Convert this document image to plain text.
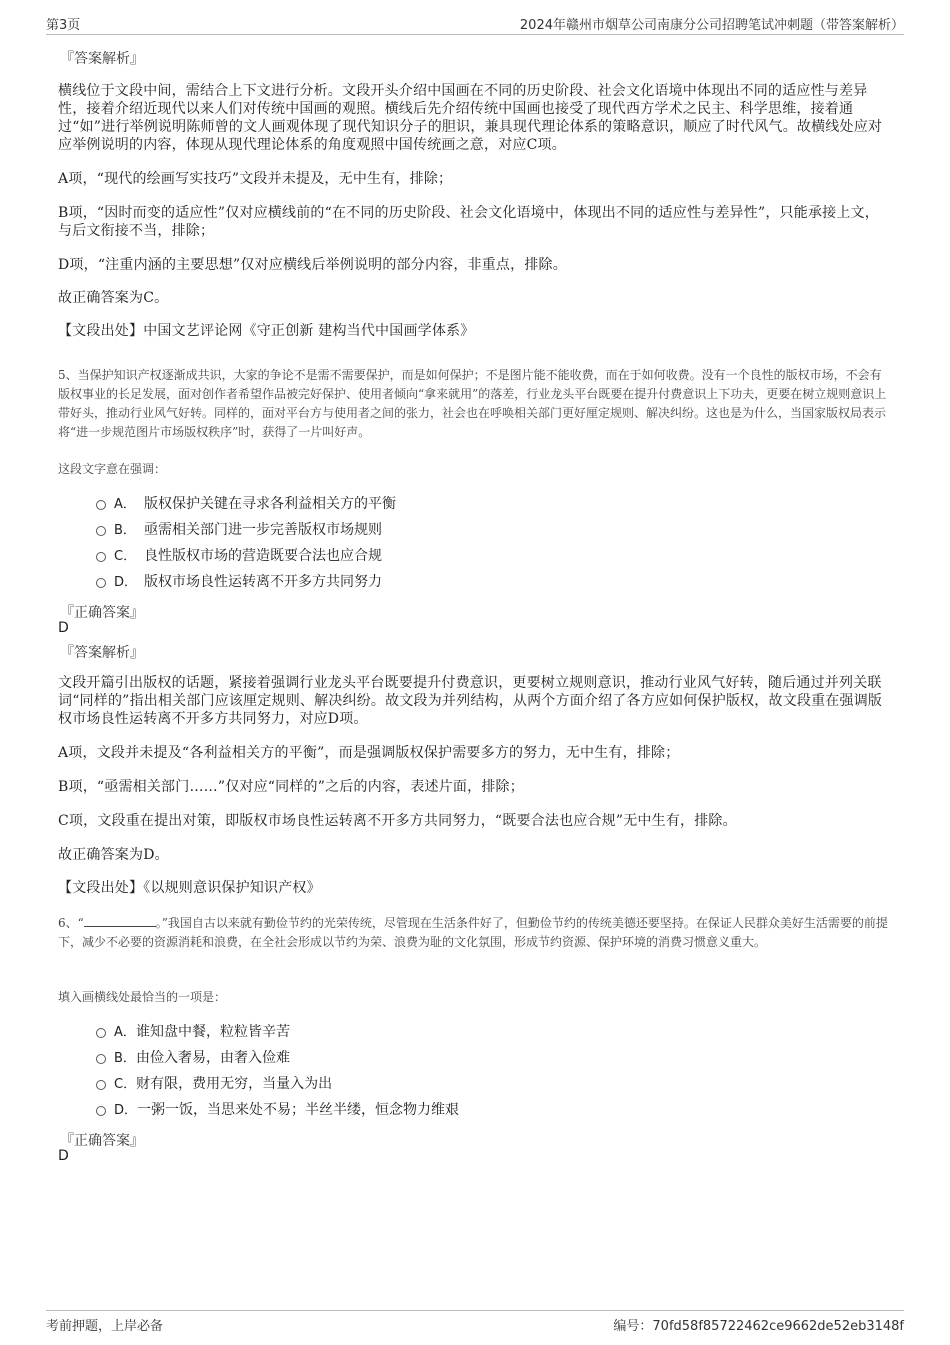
第3页	2024年赣州市烟草公司南康分公司招聘笔试冲刺题（带答案解析）
『答案解析』
横线位于文段中间，需结合上下文进行分析。文段开头介绍中国画在不同的历史阶段、社会文化语境中体现出不同的适应性与差异性，接着介绍近现代以来人们对传统中国画的观照。横线后先介绍传统中国画也接受了现代西方学术之民主、科学思维，接着通过“如”进行举例说明陈师曾的文人画观体现了现代知识分子的胆识，兼具现代理论体系的策略意识，顺应了时代风气。故横线处应对应举例说明的内容，体现从现代理论体系的角度观照中国传统画之意，对应C项。
A项，“现代的绘画写实技巧”文段并未提及，无中生有，排除；
B项，“因时而变的适应性”仅对应横线前的“在不同的历史阶段、社会文化语境中，体现出不同的适应性与差异性”，只能承接上文，与后文衔接不当，排除；
D项，“注重内涵的主要思想”仅对应横线后举例说明的部分内容，非重点，排除。
故正确答案为C。
【文段出处】中国文艺评论网《守正创新 建构当代中国画学体系》
5、当保护知识产权逐渐成共识，大家的争论不是需不需要保护，而是如何保护；不是图片能不能收费，而在于如何收费。没有一个良性的版权市场，不会有版权事业的长足发展，面对创作者希望作品被完好保护、使用者倾向“拿来就用”的落差，行业龙头平台既要在提升付费意识上下功夫，更要在树立规则意识上带好头，推动行业风气好转。同样的，面对平台方与使用者之间的张力，社会也在呼唤相关部门更好厘定规则、解决纠纷。这也是为什么，当国家版权局表示将“进一步规范图片市场版权秩序”时，获得了一片叫好声。
这段文字意在强调：
A． 版权保护关键在寻求各利益相关方的平衡
B． 亟需相关部门进一步完善版权市场规则
C． 良性版权市场的营造既要合法也应合规
D． 版权市场良性运转离不开多方共同努力
『正确答案』
D
『答案解析』
文段开篇引出版权的话题，紧接着强调行业龙头平台既要提升付费意识，更要树立规则意识，推动行业风气好转，随后通过并列关联词“同样的”指出相关部门应该厘定规则、解决纠纷。故文段为并列结构，从两个方面介绍了各方应如何保护版权，故文段重在强调版权市场良性运转离不开多方共同努力，对应D项。
A项，文段并未提及“各利益相关方的平衡”，而是强调版权保护需要多方的努力，无中生有，排除；
B项，“亟需相关部门……”仅对应“同样的”之后的内容，表述片面，排除；
C项，文段重在提出对策，即版权市场良性运转离不开多方共同努力，“既要合法也应合规”无中生有，排除。
故正确答案为D。
【文段出处】《以规则意识保护知识产权》
6、“	。”我国自古以来就有勤俭节约的光荣传统，尽管现在生活条件好了，但勤俭节约的传统美德还要坚持。在保证人民群众美好生活需要的前提下，减少不必要的资源消耗和浪费，在全社会形成以节约为荣、浪费为耻的文化氛围，形成节约资源、保护环境的消费习惯意义重大。
填入画横线处最恰当的一项是：
A．谁知盘中餐，粒粒皆辛苦
B．由俭入奢易，由奢入俭难
C．财有限，费用无穷，当量入为出
D．一粥一饭，当思来处不易；半丝半缕，恒念物力维艰
『正确答案』
D
考前押题，上岸必备	编号：70fd58f85722462ce9662de52eb3148f
